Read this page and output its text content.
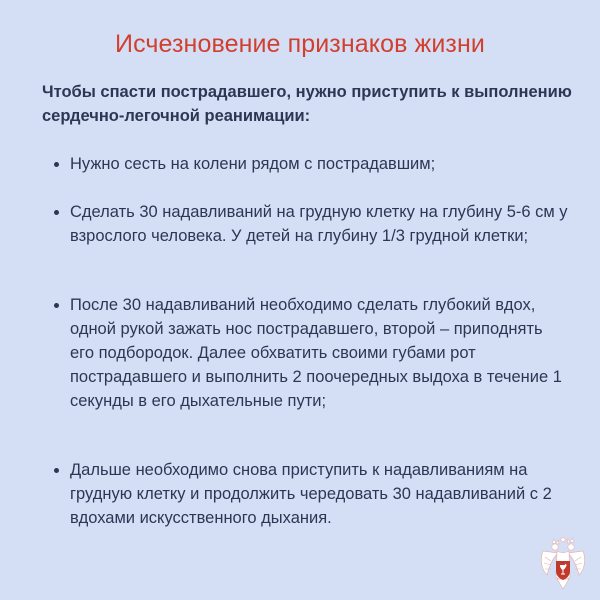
Исчезновение признаков жизни

Чтобы спасти пострадавшего, нужно приступить к выполнению сердечно-легочной реанимации:

Нужно сесть на колени рядом с пострадавшим;
Сделать 30 надавливаний на грудную клетку на глубину 5-6 см у взрослого человека. У детей на глубину 1/3 грудной клетки;
После 30 надавливаний необходимо сделать глубокий вдох, одной рукой зажать нос пострадавшего, второй – приподнять его подбородок. Далее обхватить своими губами рот пострадавшего и выполнить 2 поочередных выдоха в течение 1 секунды в его дыхательные пути;
Дальше необходимо снова приступить к надавливаниям на грудную клетку и продолжить чередовать 30 надавливаний с 2 вдохами искусственного дыхания.
